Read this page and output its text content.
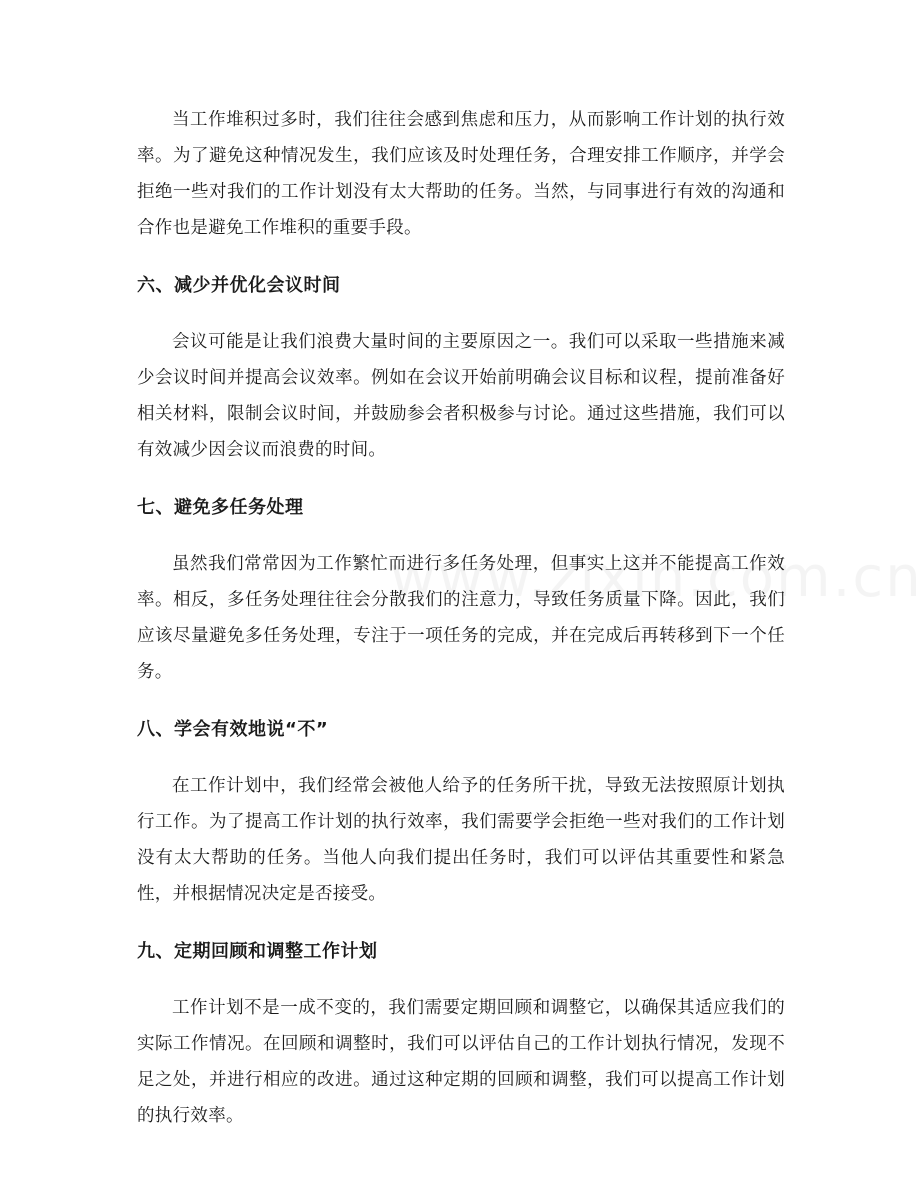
当工作堆积过多时，我们往往会感到焦虑和压力，从而影响工作计划的执行效率。为了避免这种情况发生，我们应该及时处理任务，合理安排工作顺序，并学会拒绝一些对我们的工作计划没有太大帮助的任务。当然，与同事进行有效的沟通和合作也是避免工作堆积的重要手段。

六、减少并优化会议时间

会议可能是让我们浪费大量时间的主要原因之一。我们可以采取一些措施来减少会议时间并提高会议效率。例如在会议开始前明确会议目标和议程，提前准备好相关材料，限制会议时间，并鼓励参会者积极参与讨论。通过这些措施，我们可以有效减少因会议而浪费的时间。

七、避免多任务处理

虽然我们常常因为工作繁忙而进行多任务处理，但事实上这并不能提高工作效率。相反，多任务处理往往会分散我们的注意力，导致任务质量下降。因此，我们应该尽量避免多任务处理，专注于一项任务的完成，并在完成后再转移到下一个任务。

八、学会有效地说“不”

在工作计划中，我们经常会被他人给予的任务所干扰，导致无法按照原计划执行工作。为了提高工作计划的执行效率，我们需要学会拒绝一些对我们的工作计划没有太大帮助的任务。当他人向我们提出任务时，我们可以评估其重要性和紧急性，并根据情况决定是否接受。

九、定期回顾和调整工作计划

工作计划不是一成不变的，我们需要定期回顾和调整它，以确保其适应我们的实际工作情况。在回顾和调整时，我们可以评估自己的工作计划执行情况，发现不足之处，并进行相应的改进。通过这种定期的回顾和调整，我们可以提高工作计划的执行效率。
